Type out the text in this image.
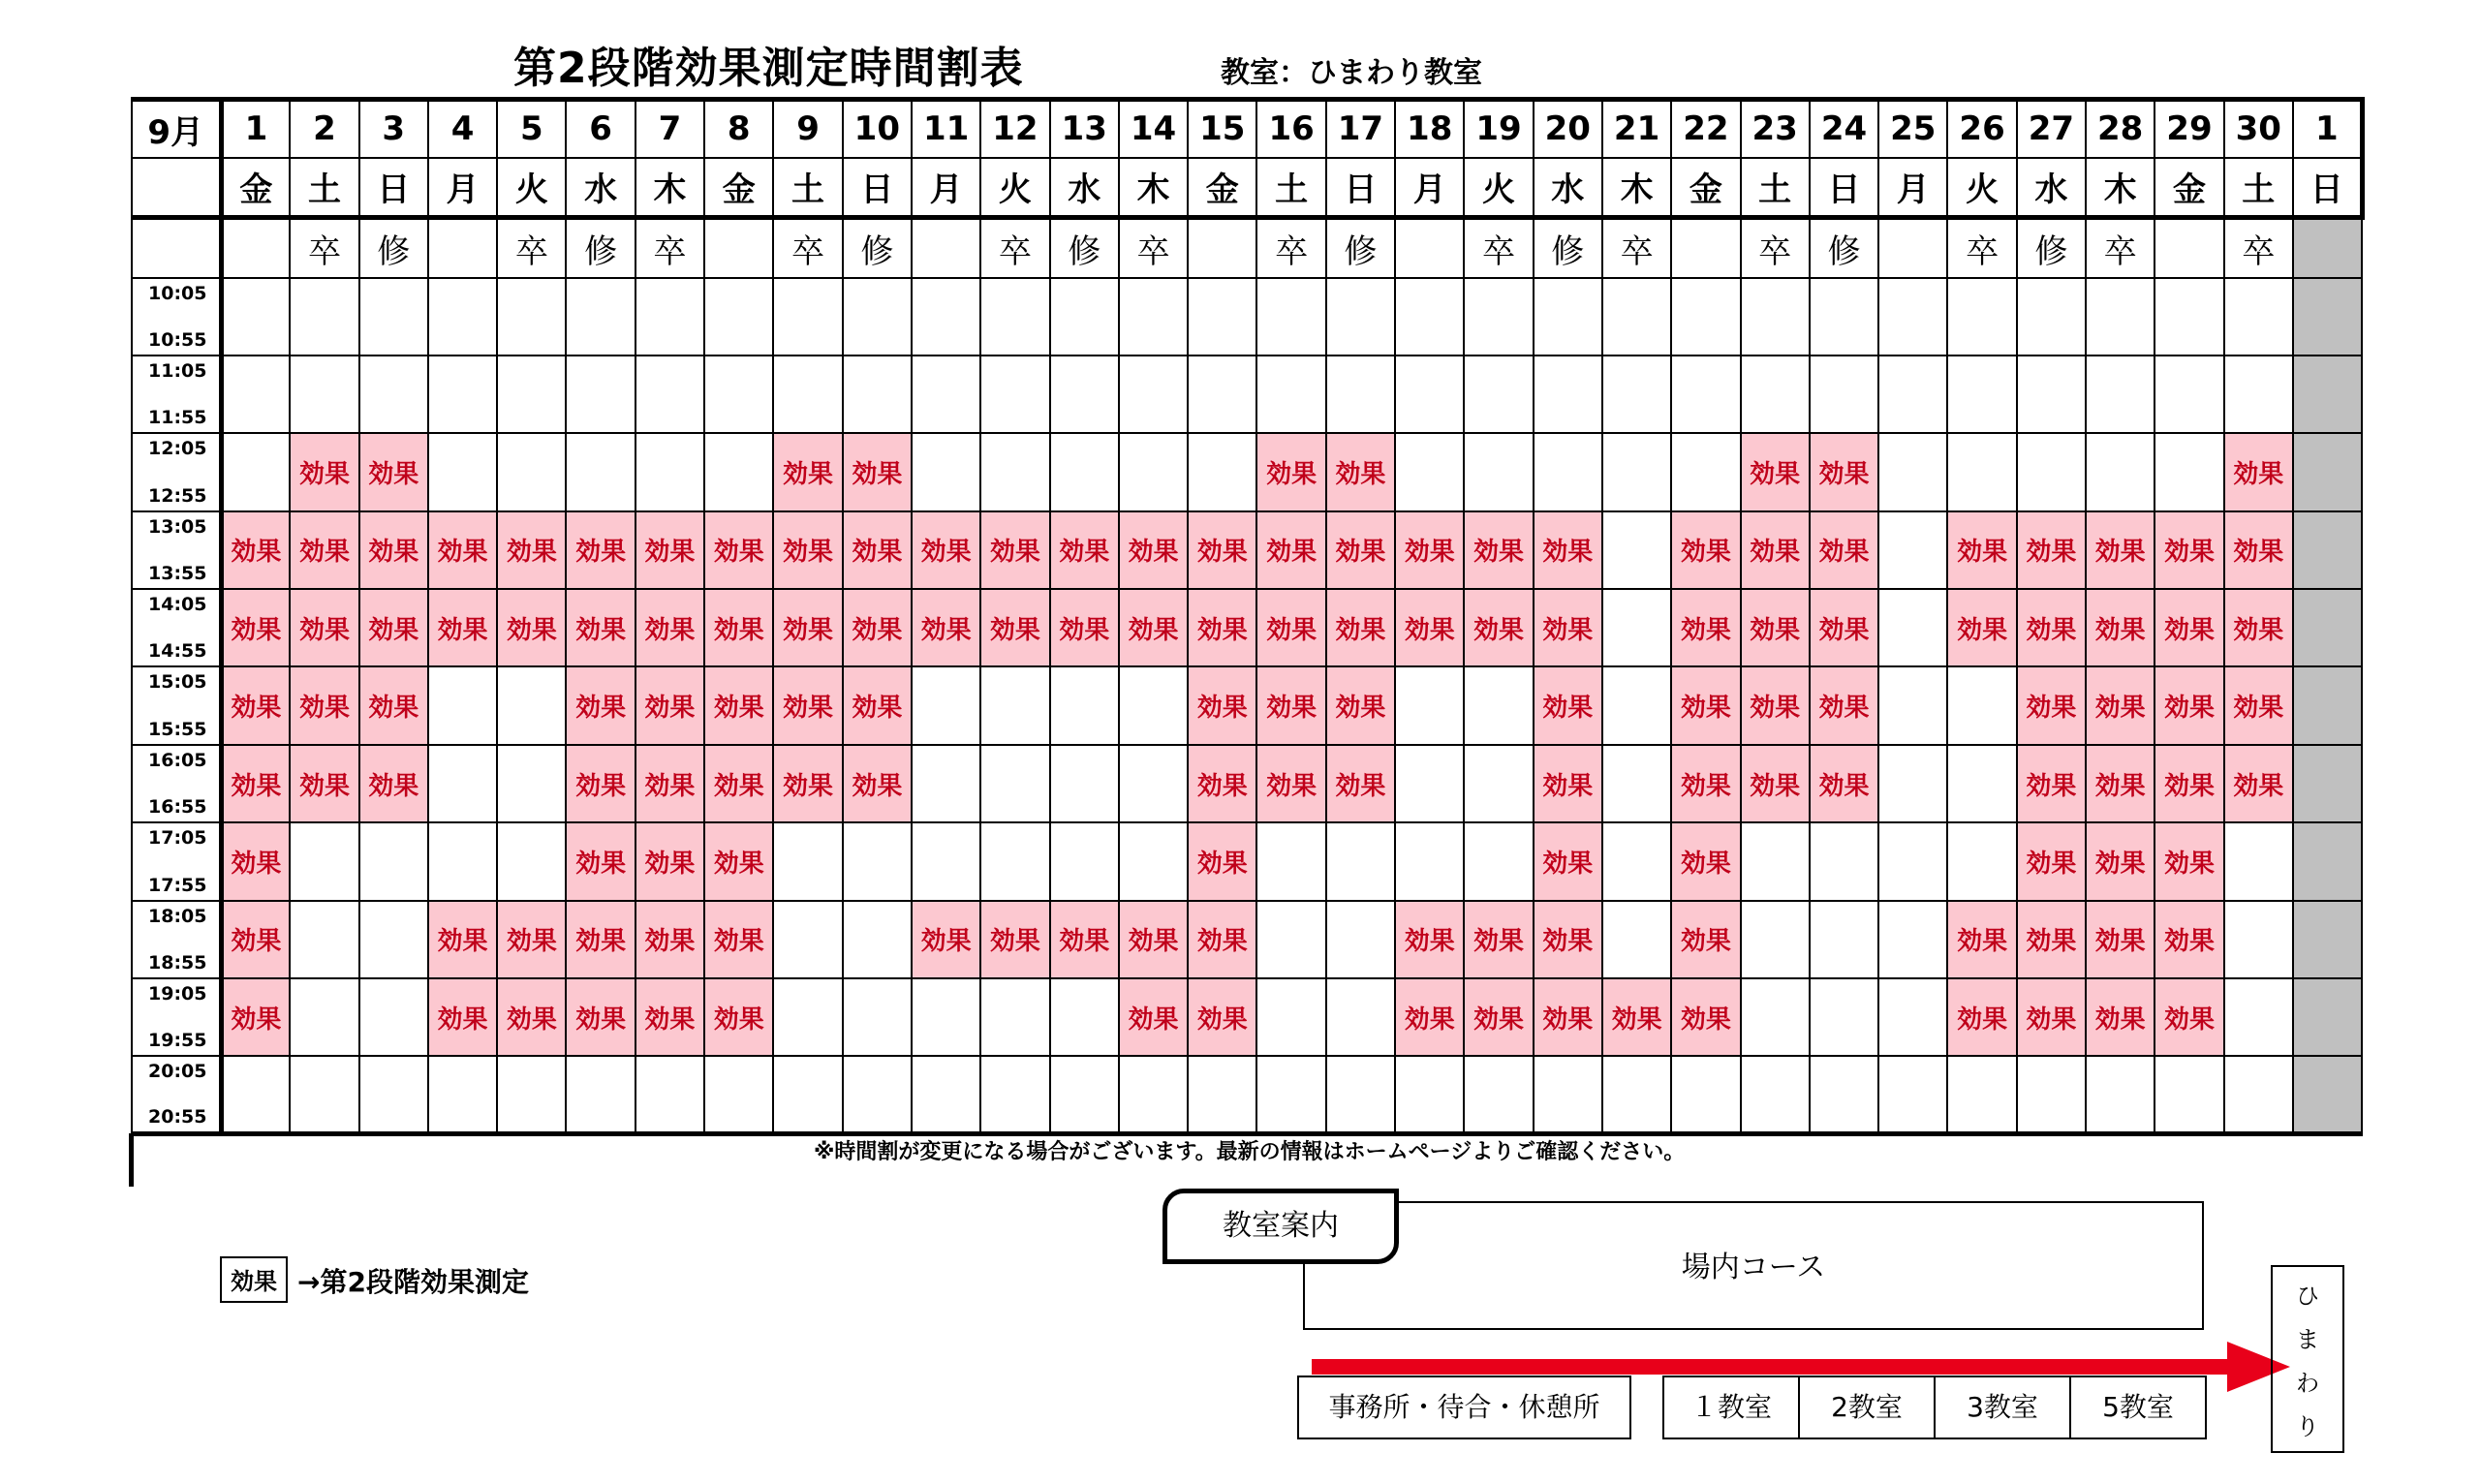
第2段階効果測定時間割表	教室：ひまわり教室
9月	1	2	3	4	5	6	7	8	9	10	11	12	13	14	15	16	17	18	19	20	21	22	23	24	25	26	27	28	29	30	1
	金	土	日	月	火	水	木	金	土	日	月	火	水	木	金	土	日	月	火	水	木	金	土	日	月	火	水	木	金	土	日
		卒	修		卒	修	卒		卒	修		卒	修	卒		卒	修		卒	修	卒		卒	修		卒	修	卒		卒	

10:05
10:55																															

11:05
11:55																															

12:05
12:55		効果	効果						効果	効果						効果	効果						効果	効果						効果	

13:05
13:55	効果	効果	効果	効果	効果	効果	効果	効果	効果	効果	効果	効果	効果	効果	効果	効果	効果	効果	効果	効果		効果	効果	効果		効果	効果	効果	効果	効果	

14:05
14:55	効果	効果	効果	効果	効果	効果	効果	効果	効果	効果	効果	効果	効果	効果	効果	効果	効果	効果	効果	効果		効果	効果	効果		効果	効果	効果	効果	効果	

15:05
15:55	効果	効果	効果			効果	効果	効果	効果	効果					効果	効果	効果			効果		効果	効果	効果			効果	効果	効果	効果	

16:05
16:55	効果	効果	効果			効果	効果	効果	効果	効果					効果	効果	効果			効果		効果	効果	効果			効果	効果	効果	効果	

17:05
17:55	効果					効果	効果	効果							効果					効果		効果					効果	効果	効果		

18:05
18:55	効果			効果	効果	効果	効果	効果			効果	効果	効果	効果	効果			効果	効果	効果		効果				効果	効果	効果	効果		

19:05
19:55	効果			効果	効果	効果	効果	効果						効果	効果			効果	効果	効果	効果	効果				効果	効果	効果	効果		

20:05
20:55																															

※時間割が変更になる場合がございます。最新の情報はホームページよりご確認ください。
効果 →第2段階効果測定	場内コース
教室案内
事務所・待合・休憩所	１教室	2教室	3教室	5教室
ひ
ま
わ
り
